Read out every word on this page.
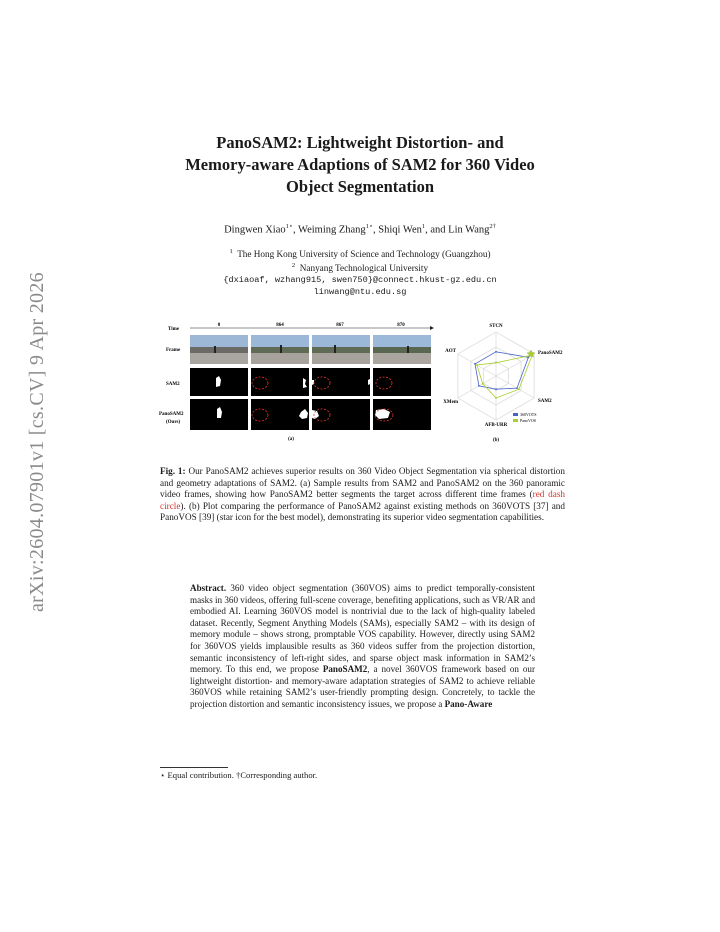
arXiv:2604.07901v1 [cs.CV] 9 Apr 2026
PanoSAM2: Lightweight Distortion- and
Memory-aware Adaptions of SAM2 for 360 Video
Object Segmentation
Dingwen Xiao$^{1⋆}$, Weiming Zhang$^{1⋆}$, Shiqi Wen$^1$, and Lin Wang$^{2\dagger}$
$^1$ The Hong Kong University of Science and Technology (Guangzhou)
$^2$ Nanyang Technological University
{dxiaoaf, wzhang915, swen750}@connect.hkust-gz.edu.cn
linwang@ntu.edu.sg
Time
0	864	867	870
Frame
SAM2
PanoSAM2
(Ours)
(a)
STCN
PanoSAM2
SAM2
AFB-URR
XMem
AOT
360VOTS
PanoVOS
(b)
Fig. 1: Our PanoSAM2 achieves superior results on 360 Video Object Segmentation via spherical distortion and geometry adaptations of SAM2. (a) Sample results from SAM2 and PanoSAM2 on the 360 panoramic video frames, showing how PanoSAM2 better segments the target across different time frames (red dash circle). (b) Plot comparing the performance of PanoSAM2 against existing methods on 360VOTS [37] and PanoVOS [39] (star icon for the best model), demonstrating its superior video segmentation capabilities.
Abstract. 360 video object segmentation (360VOS) aims to predict temporally-consistent masks in 360 videos, offering full-scene coverage, benefiting applications, such as VR/AR and embodied AI. Learning 360VOS model is nontrivial due to the lack of high-quality labeled dataset. Recently, Segment Anything Models (SAMs), especially SAM2 – with its design of memory module – shows strong, promptable VOS capability. However, directly using SAM2 for 360VOS yields implausible results as 360 videos suffer from the projection distortion, semantic inconsistency of left-right sides, and sparse object mask information in SAM2’s memory. To this end, we propose PanoSAM2, a novel 360VOS framework based on our lightweight distortion- and memory-aware adaptation strategies of SAM2 to achieve reliable 360VOS while retaining SAM2’s user-friendly prompting design. Concretely, to tackle the projection distortion and semantic inconsistency issues, we propose a Pano-Aware
⋆ Equal contribution. †Corresponding author.
